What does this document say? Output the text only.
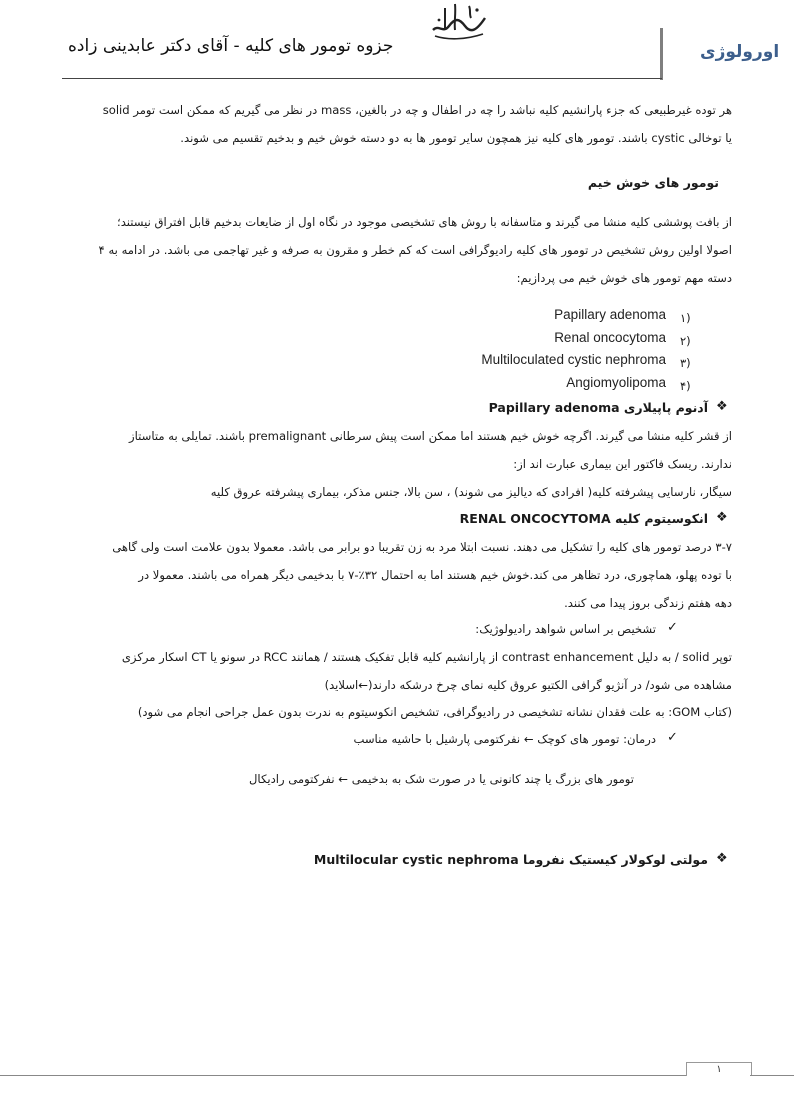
جزوه تومور های کلیه - آقای دکتر عابدینی زاده	اورولوژی
هر توده غیرطبیعی که جزء پارانشیم کلیه نباشد را چه در اطفال و چه در بالغین، mass در نظر می گیریم که ممکن است تومر solid
یا توخالی cystic باشند. تومور های کلیه نیز همچون سایر تومور ها به دو دسته خوش خیم و بدخیم تقسیم می شوند.
تومور های خوش خیم
از بافت پوششی کلیه منشا می گیرند و متاسفانه با روش های تشخیصی موجود در نگاه اول از ضایعات بدخیم قابل افتراق نیستند؛
اصولا اولین روش تشخیص در تومور های کلیه رادیوگرافی است که کم خطر و مقرون به صرفه و غیر تهاجمی می باشد. در ادامه به ۴
دسته مهم تومور های خوش خیم می پردازیم:
۱)
Papillary adenoma
۲)
Renal oncocytoma
۳)
Multiloculated cystic nephroma
۴)
Angiomyolipoma
❖
آدنوم پاپیلاری Papillary adenoma
از قشر کلیه منشا می گیرند. اگرچه خوش خیم هستند اما ممکن است پیش سرطانی premalignant باشند. تمایلی به متاستاز
ندارند. ریسک فاکتور این بیماری عبارت اند از:
سیگار، نارسایی پیشرفته کلیه( افرادی که دیالیز می شوند) ، سن بالا، جنس مذکر، بیماری پیشرفته عروق کلیه
❖
انکوسیتوم کلیه RENAL ONCOCYTOMA
۳-۷ درصد تومور های کلیه را تشکیل می دهند. نسبت ابتلا مرد به زن تقریبا دو برابر می باشد. معمولا بدون علامت است ولی گاهی
با توده پهلو، هماچوری، درد تظاهر می کند.خوش خیم هستند اما به احتمال ۳۲٪-۷ با بدخیمی دیگر همراه می باشند. معمولا در
دهه هفتم زندگی بروز پیدا می کنند.
✓
تشخیص بر اساس شواهد رادیولوژیک:
توپر solid / به دلیل contrast enhancement از پارانشیم کلیه قابل تفکیک هستند / همانند RCC در سونو یا CT اسکار مرکزی
مشاهده می شود/ در آنژیو گرافی الکتیو عروق کلیه نمای چرخ درشکه دارند(←اسلاید)
(کتاب GOM: به علت فقدان نشانه تشخیصی در رادیوگرافی، تشخیص انکوسیتوم به ندرت بدون عمل جراحی انجام می شود)
✓
درمان: تومور های کوچک ← نفرکتومی پارشیل با حاشیه مناسب
تومور های بزرگ یا چند کانونی یا در صورت شک به بدخیمی ← نفرکتومی رادیکال
❖
مولتی لوکولار کیستیک نفروما Multilocular cystic nephroma
۱
